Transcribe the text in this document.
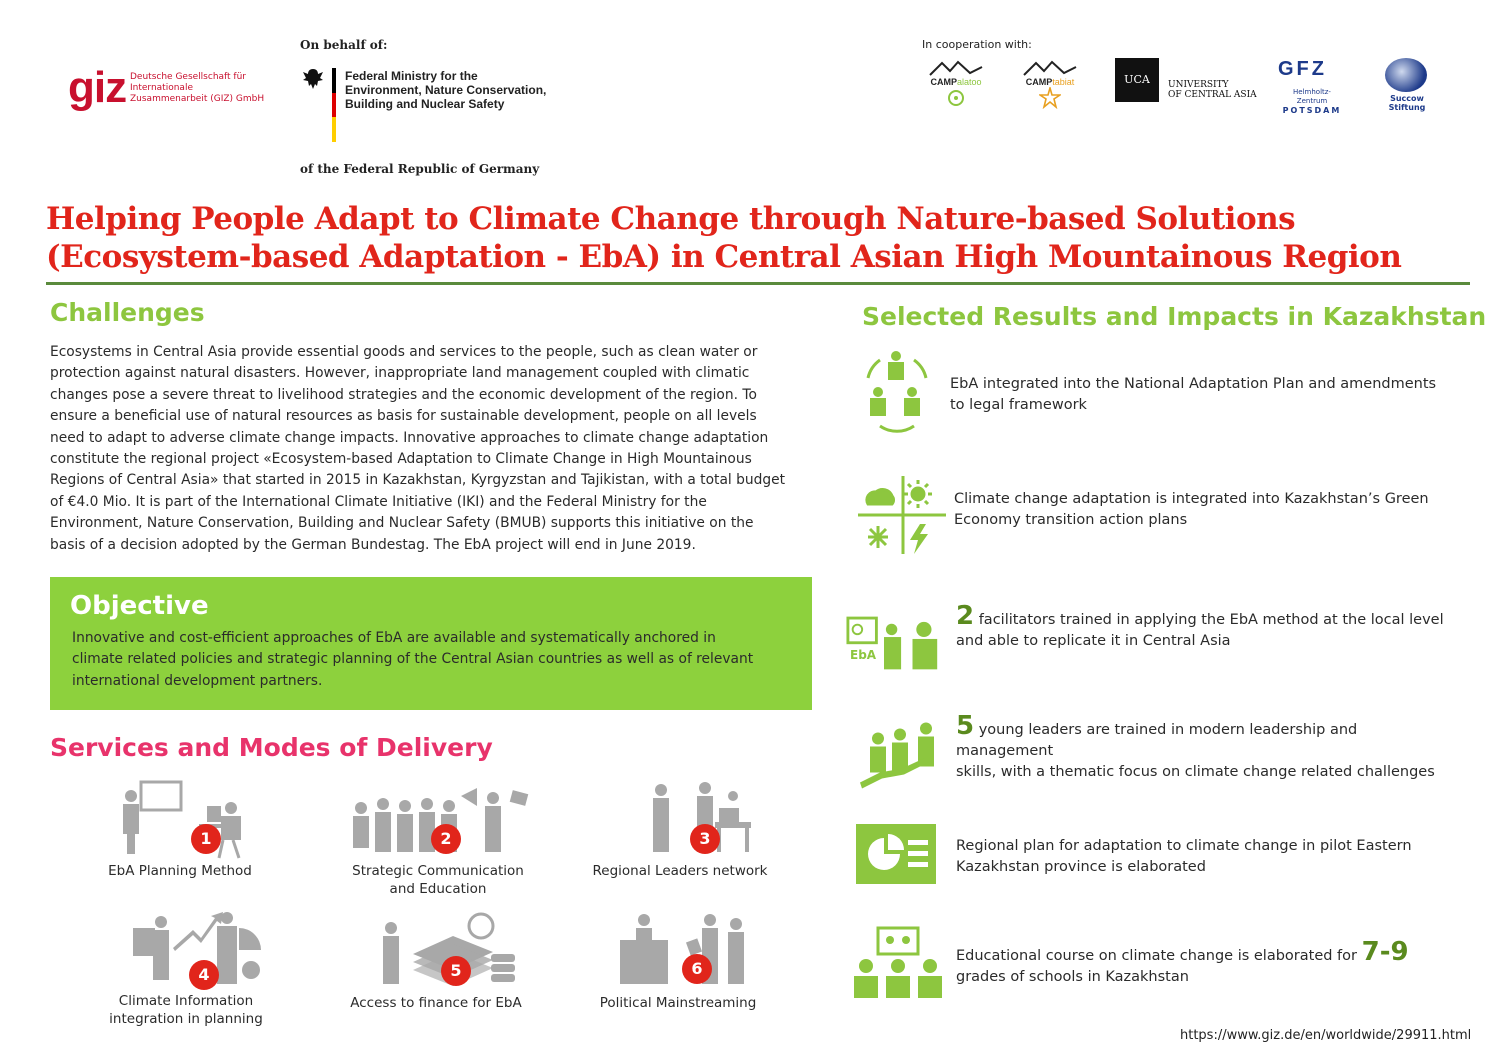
giz Deutsche Gesellschaft für Internationale Zusammenarbeit (GIZ) GmbH
On behalf of:
Federal Ministry for the
Environment, Nature Conservation,
Building and Nuclear Safety
of the Federal Republic of Germany
In cooperation with:
CAMPalatoo	CAMPtabiat	UCA	UNIVERSITY
OF CENTRAL ASIA
GFZ
Helmholtz-Zentrum
POTSDAM
Succow
Stiftung
Helping People Adapt to Climate Change through Nature-based Solutions
(Ecosystem-based Adaptation - EbA) in Central Asian High Mountainous Region
Challenges
Ecosystems in Central Asia provide essential goods and services to the people, such as clean water or
protection against natural disasters. However, inappropriate land management coupled with climatic
changes pose a severe threat to livelihood strategies and the economic development of the region. To
ensure a beneficial use of natural resources as basis for sustainable development, people on all levels
need to adapt to adverse climate change impacts. Innovative approaches to climate change adaptation
constitute the regional project «Ecosystem-based Adaptation to Climate Change in High Mountainous
Regions of Central Asia» that started in 2015 in Kazakhstan, Kyrgyzstan and Tajikistan, with a total budget
of €4.0 Mio. It is part of the International Climate Initiative (IKI) and the Federal Ministry for the
Environment, Nature Conservation, Building and Nuclear Safety (BMUB) supports this initiative on the
basis of a decision adopted by the German Bundestag. The EbA project will end in June 2019.
Objective
Innovative and cost-efficient approaches of EbA are available and systematically anchored in
climate related policies and strategic planning of the Central Asian countries as well as of relevant
international development partners.
Services and Modes of Delivery
1
EbA Planning Method
2
Strategic Communication
and Education
3
Regional Leaders network
4
Climate Information
integration in planning
5
Access to finance for EbA
6
Political Mainstreaming
Selected Results and Impacts in Kazakhstan
EbA integrated into the National Adaptation Plan and amendments
to legal framework
Climate change adaptation is integrated into Kazakhstan’s Green
Economy transition action plans
EbA
2 facilitators trained in applying the EbA method at the local level
and able to replicate it in Central Asia
5 young leaders are trained in modern leadership and management
skills, with a thematic focus on climate change related challenges
Regional plan for adaptation to climate change in pilot Eastern
Kazakhstan province is elaborated
Educational course on climate change is elaborated for 7-9
grades of schools in Kazakhstan
https://www.giz.de/en/worldwide/29911.html
